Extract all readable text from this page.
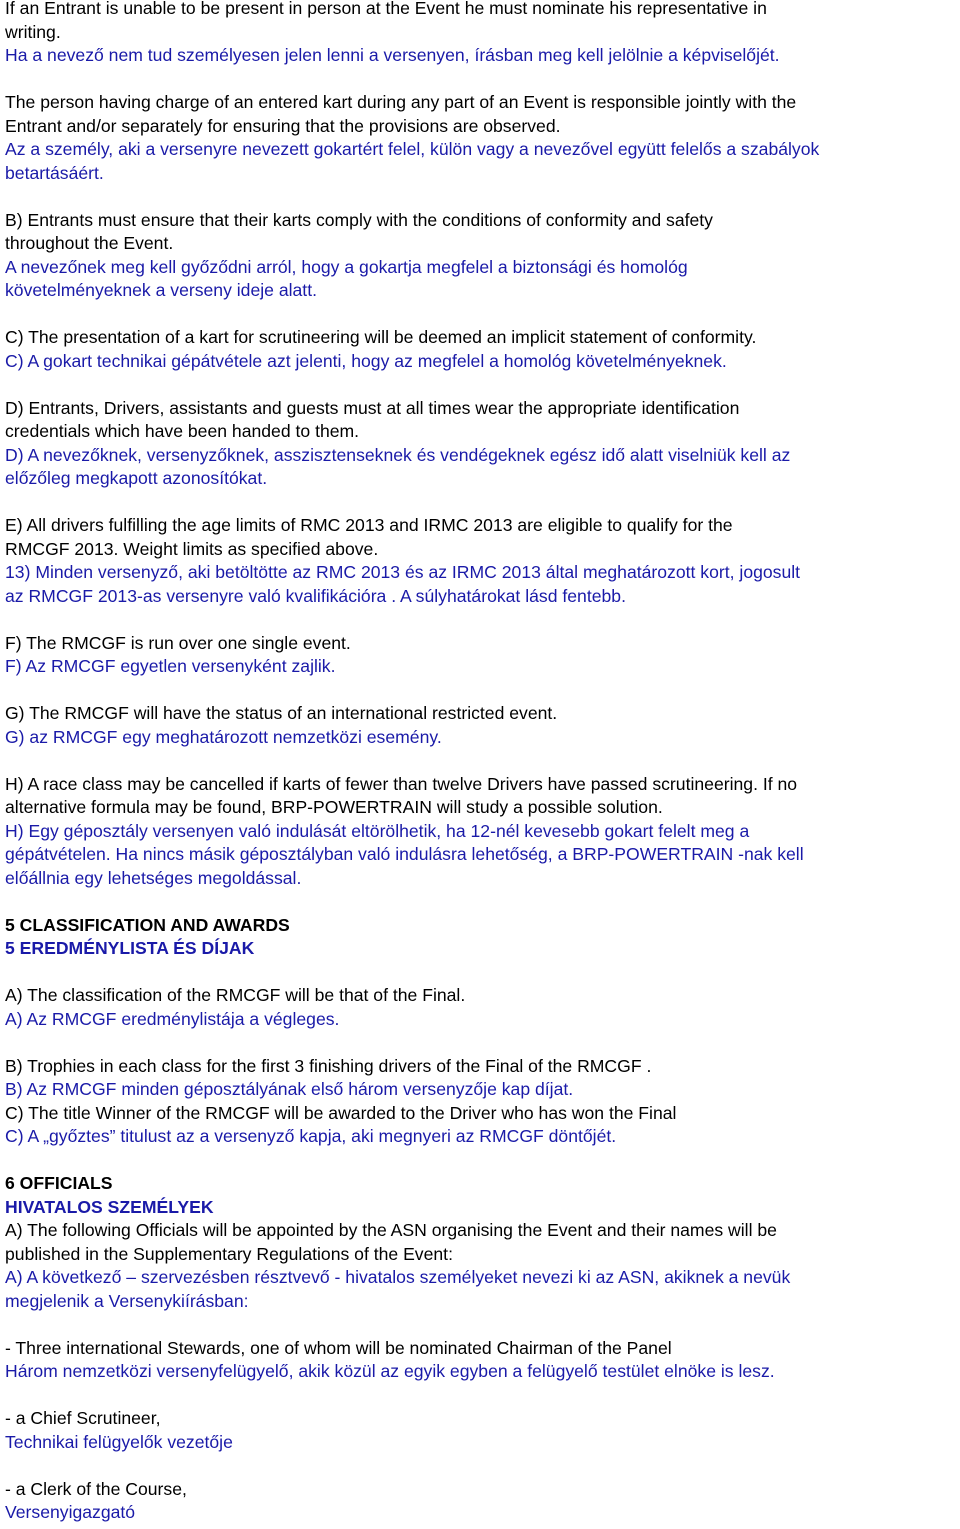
If an Entrant is unable to be present in person at the Event he must nominate his representative in
writing.
Ha a nevező nem tud személyesen jelen lenni a versenyen, írásban meg kell jelölnie a képviselőjét.
The person having charge of an entered kart during any part of an Event is responsible jointly with the
Entrant and/or separately for ensuring that the provisions are observed.
Az a személy, aki a versenyre nevezett gokartért felel, külön vagy a nevezővel együtt felelős a szabályok
betartásáért.
B) Entrants must ensure that their karts comply with the conditions of conformity and safety
throughout the Event.
A nevezőnek meg kell győződni arról, hogy a gokartja megfelel a biztonsági és homológ
követelményeknek a verseny ideje alatt.
C) The presentation of a kart for scrutineering will be deemed an implicit statement of conformity.
C) A gokart technikai gépátvétele azt jelenti, hogy az megfelel a homológ követelményeknek.
D) Entrants, Drivers, assistants and guests must at all times wear the appropriate identification
credentials which have been handed to them.
D) A nevezőknek, versenyzőknek, asszisztenseknek és vendégeknek egész idő alatt viselniük kell az
előzőleg megkapott azonosítókat.
E) All drivers fulfilling the age limits of RMC 2013 and IRMC 2013 are eligible to qualify for the
RMCGF 2013. Weight limits as specified above.
13) Minden versenyző, aki betöltötte az RMC 2013 és az IRMC 2013 által meghatározott kort, jogosult
az RMCGF 2013-as versenyre való kvalifikációra . A súlyhatárokat lásd fentebb.
F) The RMCGF is run over one single event.
F) Az RMCGF egyetlen versenyként zajlik.
G) The RMCGF will have the status of an international restricted event.
G) az RMCGF egy meghatározott nemzetközi esemény.
H) A race class may be cancelled if karts of fewer than twelve Drivers have passed scrutineering. If no
alternative formula may be found, BRP-POWERTRAIN will study a possible solution.
H) Egy géposztály versenyen való indulását eltörölhetik, ha 12-nél kevesebb gokart felelt meg a
gépátvételen. Ha nincs másik géposztályban való indulásra lehetőség, a BRP-POWERTRAIN -nak kell
előállnia egy lehetséges megoldással.
5 CLASSIFICATION AND AWARDS
5 EREDMÉNYLISTA ÉS DÍJAK
A) The classification of the RMCGF will be that of the Final.
A) Az RMCGF eredménylistája a végleges.
B) Trophies in each class for the first 3 finishing drivers of the Final of the RMCGF .
B) Az RMCGF minden géposztályának első három versenyzője kap díjat.
C) The title Winner of the RMCGF will be awarded to the Driver who has won the Final
C) A „győztes” titulust az a versenyző kapja, aki megnyeri az RMCGF döntőjét.
6 OFFICIALS
HIVATALOS SZEMÉLYEK
A) The following Officials will be appointed by the ASN organising the Event and their names will be
published in the Supplementary Regulations of the Event:
A) A következő – szervezésben résztvevő - hivatalos személyeket nevezi ki az ASN, akiknek a nevük
megjelenik a Versenykiírásban:
- Three international Stewards, one of whom will be nominated Chairman of the Panel
Három nemzetközi versenyfelügyelő, akik közül az egyik egyben a felügyelő testület elnöke is lesz.
- a Chief Scrutineer,
Technikai felügyelők vezetője
- a Clerk of the Course,
Versenyigazgató
